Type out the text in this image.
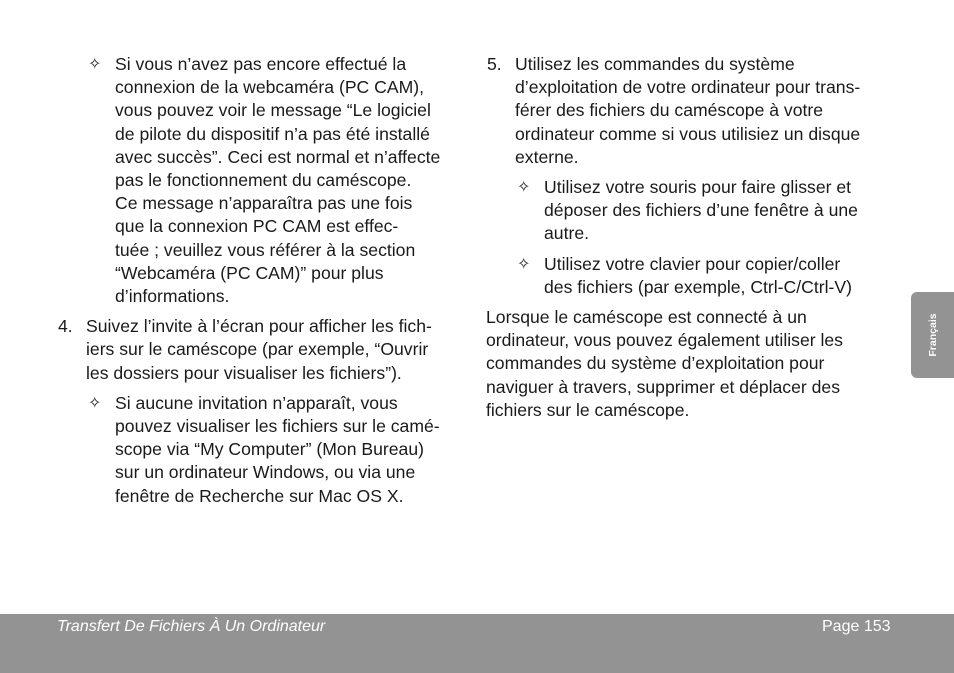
✧ Si vous n’avez pas encore effectué la
connexion de la webcaméra (PC CAM),
vous pouvez voir le message “Le logiciel
de pilote du dispositif n’a pas été installé
avec succès”. Ceci est normal et n’affecte
pas le fonctionnement du caméscope.
Ce message n’apparaîtra pas une fois
que la connexion PC CAM est effec-
tuée ; veuillez vous référer à la section
“Webcaméra (PC CAM)” pour plus
d’informations.
4. Suivez l’invite à l’écran pour afficher les fich-
iers sur le caméscope (par exemple, “Ouvrir
les dossiers pour visualiser les fichiers”).
✧ Si aucune invitation n’apparaît, vous
pouvez visualiser les fichiers sur le camé-
scope via “My Computer” (Mon Bureau)
sur un ordinateur Windows, ou via une
fenêtre de Recherche sur Mac OS X.
5. Utilisez les commandes du système
d’exploitation de votre ordinateur pour trans-
férer des fichiers du caméscope à votre
ordinateur comme si vous utilisiez un disque
externe.
✧ Utilisez votre souris pour faire glisser et
déposer des fichiers d’une fenêtre à une
autre.
✧ Utilisez votre clavier pour copier/coller
des fichiers (par exemple, Ctrl-C/Ctrl-V)
Lorsque le caméscope est connecté à un
ordinateur, vous pouvez également utiliser les
commandes du système d’exploitation pour
naviguer à travers, supprimer et déplacer des
fichiers sur le caméscope.
Français
Transfert De Fichiers À Un Ordinateur	Page 153
